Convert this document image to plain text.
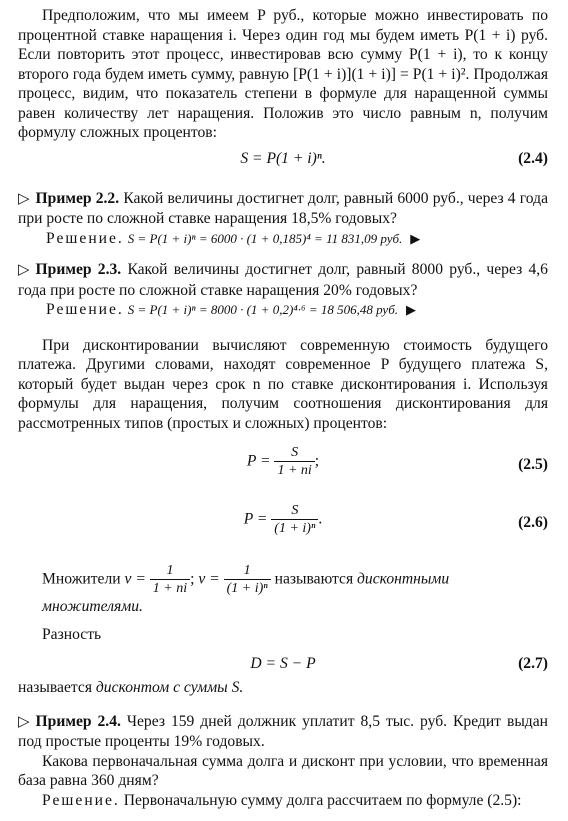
Предположим, что мы имеем P руб., которые можно инвестировать по процентной ставке наращения i. Через один год мы будем иметь P(1 + i) руб. Если повторить этот процесс, инвестировав всю сумму P(1 + i), то к концу второго года будем иметь сумму, равную [P(1 + i)](1 + i)] = P(1 + i)². Продолжая процесс, видим, что показатель степени в формуле для наращенной суммы равен количеству лет наращения. Положив это число равным n, получим формулу сложных процентов:

S = P(1 + i)ⁿ.	(2.4)

▷ Пример 2.2. Какой величины достигнет долг, равный 6000 руб., через 4 года при росте по сложной ставке наращения 18,5% годовых?

Решение. S = P(1 + i)ⁿ = 6000 · (1 + 0,185)⁴ = 11 831,09 руб. ▶

▷ Пример 2.3. Какой величины достигнет долг, равный 8000 руб., через 4,6 года при росте по сложной ставке наращения 20% годовых?

Решение. S = P(1 + i)ⁿ = 8000 · (1 + 0,2)⁴·⁶ = 18 506,48 руб. ▶

При дисконтировании вычисляют современную стоимость будущего платежа. Другими словами, находят современное P будущего платежа S, который будет выдан через срок n по ставке дисконтирования i. Используя формулы для наращения, получим соотношения дисконтирования для рассмотренных типов (простых и сложных) процентов:

$P = \frac{S}{1 + ni}$ ;	(2.5)
$P = \frac{S}{\text{(1 + i)ⁿ}}$ .	(2.6)
Множители $v = \frac{1}{1 + ni}$ ; $v = \frac{1}{\text{(1 + i)ⁿ}}$ называются дисконтными множителями.

Разность

D = S − P	(2.7)

называется дисконтом с суммы S.

▷ Пример 2.4. Через 159 дней должник уплатит 8,5 тыс. руб. Кредит выдан под простые проценты 19% годовых.

Какова первоначальная сумма долга и дисконт при условии, что временная база равна 360 дням?

Решение. Первоначальную сумму долга рассчитаем по формуле (2.5):
